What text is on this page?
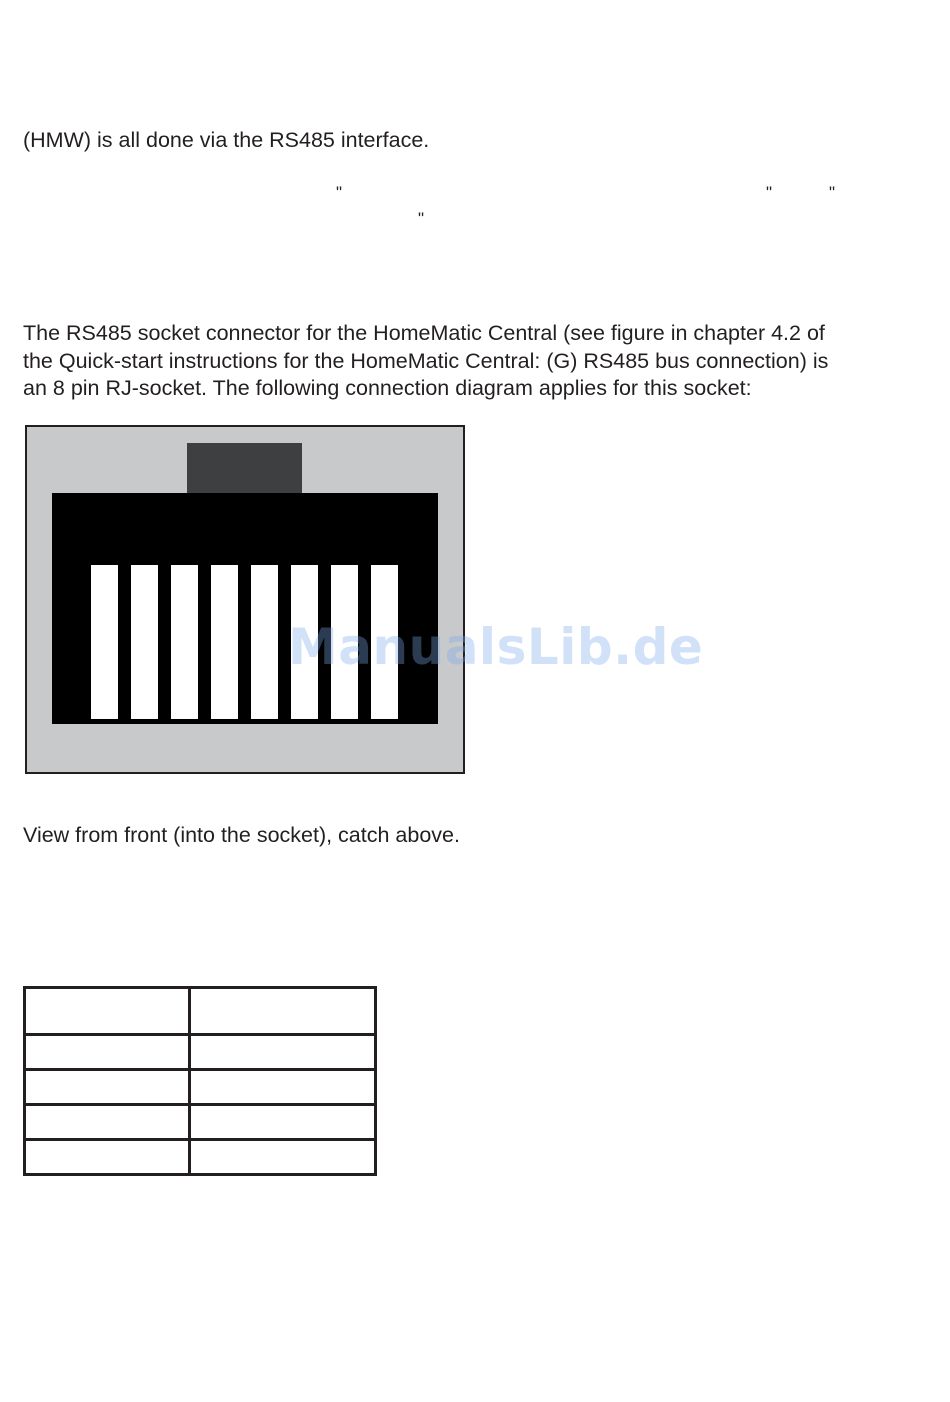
(HMW) is all done via the RS485 interface.
"	"	"
"
The RS485 socket connector for the HomeMatic Central (see figure in chapter 4.2 of
the Quick-start instructions for the HomeMatic Central: (G) RS485 bus connection) is
an 8 pin RJ-socket. The following connection diagram applies for this socket:
ManualsLib.de
View from front (into the socket), catch above.
